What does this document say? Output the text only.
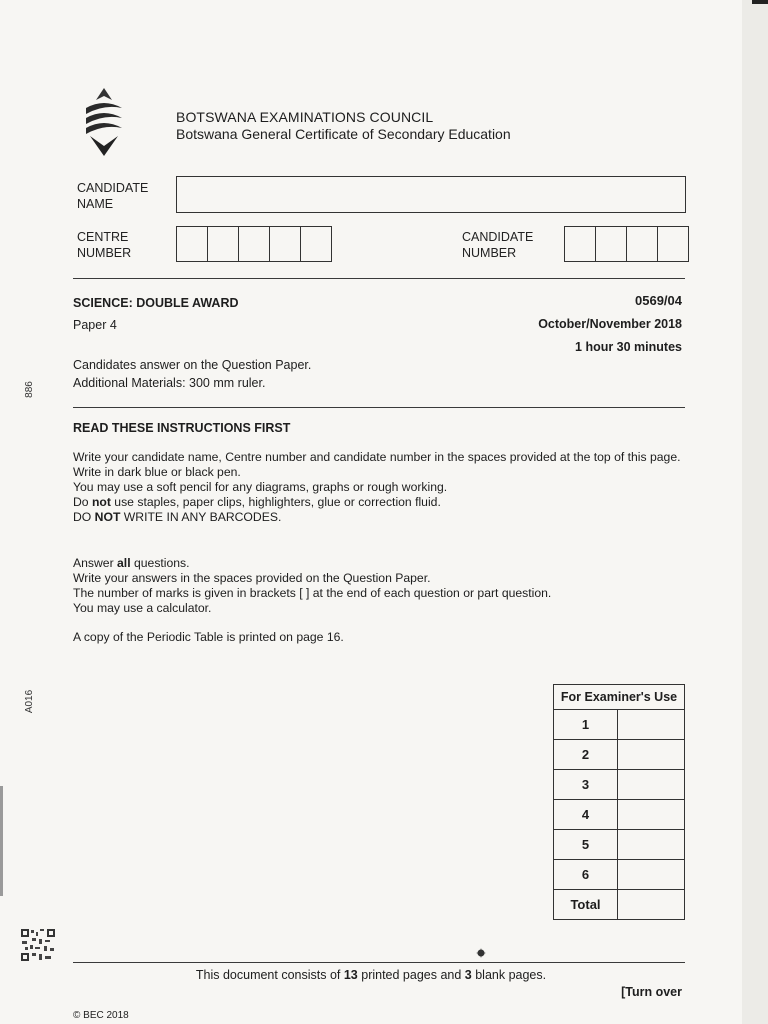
BOTSWANA EXAMINATIONS COUNCIL
Botswana General Certificate of Secondary Education
CANDIDATE
NAME
CENTRE
NUMBER
CANDIDATE
NUMBER
SCIENCE: DOUBLE AWARD	0569/04
Paper 4	October/November 2018
1 hour 30 minutes
Candidates answer on the Question Paper.
Additional Materials: 300 mm ruler.
886
A016
READ THESE INSTRUCTIONS FIRST
Write your candidate name, Centre number and candidate number in the spaces provided at the top of this page.
Write in dark blue or black pen.
You may use a soft pencil for any diagrams, graphs or rough working.
Do not use staples, paper clips, highlighters, glue or correction fluid.
DO NOT WRITE IN ANY BARCODES.
Answer all questions.
Write your answers in the spaces provided on the Question Paper.
The number of marks is given in brackets [ ] at the end of each question or part question.
You may use a calculator.
A copy of the Periodic Table is printed on page 16.
For Examiner's Use	
1	
2	
3	
4	
5	
6	
Total	
This document consists of 13 printed pages and 3 blank pages.
[Turn over
© BEC 2018
